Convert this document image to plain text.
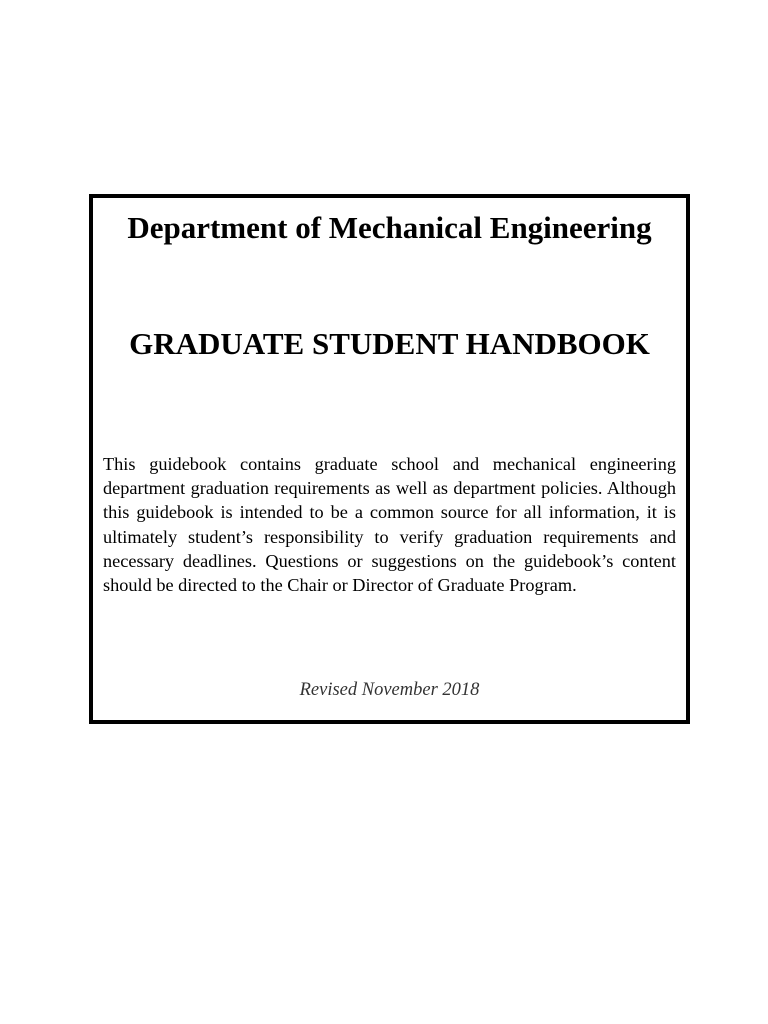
Department of Mechanical Engineering
GRADUATE STUDENT HANDBOOK

This guidebook contains graduate school and mechanical engineering department graduation requirements as well as department policies. Although this guidebook is intended to be a common source for all information, it is ultimately student’s responsibility to verify graduation requirements and necessary deadlines. Questions or suggestions on the guidebook’s content should be directed to the Chair or Director of Graduate Program.

Revised November 2018
